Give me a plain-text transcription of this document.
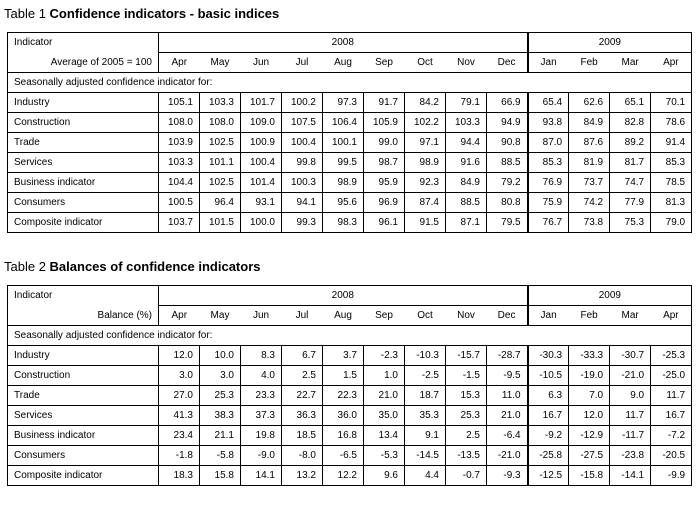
Table 1 Confidence indicators - basic indices
Indicator	2008									2009			
Average of 2005 = 100	Apr	May	Jun	Jul	Aug	Sep	Oct	Nov	Dec	Jan	Feb	Mar	Apr
Seasonally adjusted confidence indicator for:													
Industry	105.1	103.3	101.7	100.2	97.3	91.7	84.2	79.1	66.9	65.4	62.6	65.1	70.1
Construction	108.0	108.0	109.0	107.5	106.4	105.9	102.2	103.3	94.9	93.8	84.9	82.8	78.6
Trade	103.9	102.5	100.9	100.4	100.1	99.0	97.1	94.4	90.8	87.0	87.6	89.2	91.4
Services	103.3	101.1	100.4	99.8	99.5	98.7	98.9	91.6	88.5	85.3	81.9	81.7	85.3
Business indicator	104.4	102.5	101.4	100.3	98.9	95.9	92.3	84.9	79.2	76.9	73.7	74.7	78.5
Consumers	100.5	96.4	93.1	94.1	95.6	96.9	87.4	88.5	80.8	75.9	74.2	77.9	81.3
Composite indicator	103.7	101.5	100.0	99.3	98.3	96.1	91.5	87.1	79.5	76.7	73.8	75.3	79.0
Table 2 Balances of confidence indicators
Indicator	2008									2009			
Balance (%)	Apr	May	Jun	Jul	Aug	Sep	Oct	Nov	Dec	Jan	Feb	Mar	Apr
Seasonally adjusted confidence indicator for:													
Industry	12.0	10.0	8.3	6.7	3.7	-2.3	-10.3	-15.7	-28.7	-30.3	-33.3	-30.7	-25.3
Construction	3.0	3.0	4.0	2.5	1.5	1.0	-2.5	-1.5	-9.5	-10.5	-19.0	-21.0	-25.0
Trade	27.0	25.3	23.3	22.7	22.3	21.0	18.7	15.3	11.0	6.3	7.0	9.0	11.7
Services	41.3	38.3	37.3	36.3	36.0	35.0	35.3	25.3	21.0	16.7	12.0	11.7	16.7
Business indicator	23.4	21.1	19.8	18.5	16.8	13.4	9.1	2.5	-6.4	-9.2	-12.9	-11.7	-7.2
Consumers	-1.8	-5.8	-9.0	-8.0	-6.5	-5.3	-14.5	-13.5	-21.0	-25.8	-27.5	-23.8	-20.5
Composite indicator	18.3	15.8	14.1	13.2	12.2	9.6	4.4	-0.7	-9.3	-12.5	-15.8	-14.1	-9.9
